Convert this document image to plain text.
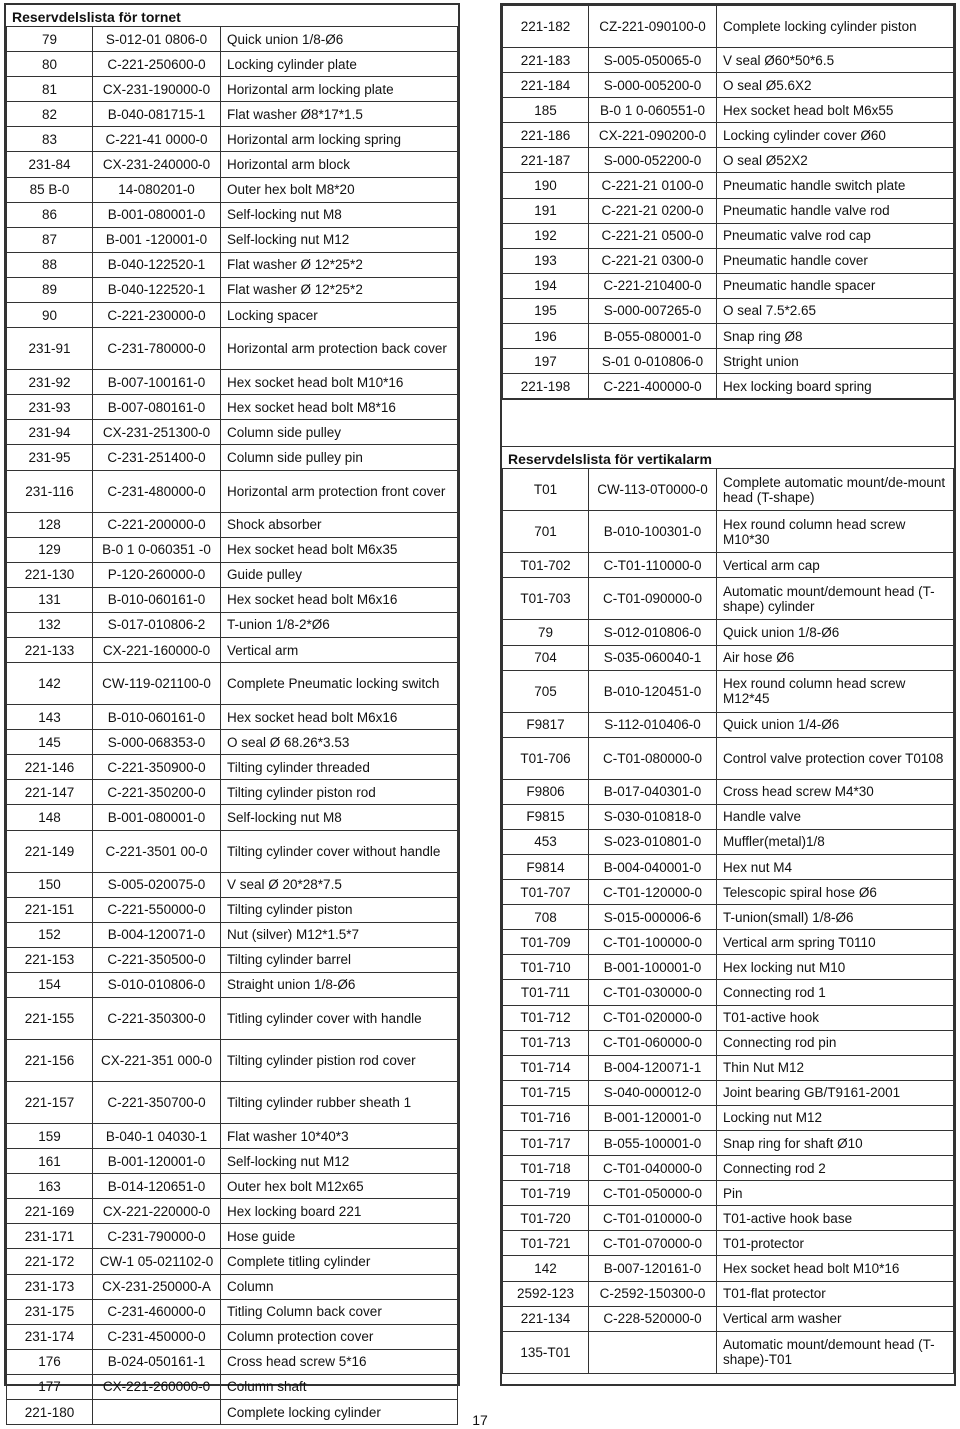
Reservdelslista för tornet
79	S-012-01 0806-0	Quick union 1/8-Ø6
80	C-221-250600-0	Locking cylinder plate
81	CX-231-190000-0	Horizontal arm locking plate
82	B-040-081715-1	Flat washer Ø8*17*1.5
83	C-221-41 0000-0	Horizontal arm locking spring
231-84	CX-231-240000-0	Horizontal arm block
85 B-0	14-080201-0	Outer hex bolt M8*20
86	B-001-080001-0	Self-locking nut M8
87	B-001 -120001-0	Self-locking nut M12
88	B-040-122520-1	Flat washer Ø 12*25*2
89	B-040-122520-1	Flat washer Ø 12*25*2
90	C-221-230000-0	Locking spacer
231-91	C-231-780000-0	Horizontal arm protection back cover
231-92	B-007-100161-0	Hex socket head bolt M10*16
231-93	B-007-080161-0	Hex socket head bolt M8*16
231-94	CX-231-251300-0	Column side pulley
231-95	C-231-251400-0	Column side pulley pin
231-116	C-231-480000-0	Horizontal arm protection front cover
128	C-221-200000-0	Shock absorber
129	B-0 1 0-060351 -0	Hex socket head bolt M6x35
221-130	P-120-260000-0	Guide pulley
131	B-010-060161-0	Hex socket head bolt M6x16
132	S-017-010806-2	T-union 1/8-2*Ø6
221-133	CX-221-160000-0	Vertical arm
142	CW-119-021100-0	Complete Pneumatic locking switch
143	B-010-060161-0	Hex socket head bolt M6x16
145	S-000-068353-0	O seal Ø 68.26*3.53
221-146	C-221-350900-0	Tilting cylinder threaded
221-147	C-221-350200-0	Tilting cylinder piston rod
148	B-001-080001-0	Self-locking nut M8
221-149	C-221-3501 00-0	Tilting cylinder cover without handle
150	S-005-020075-0	V seal Ø 20*28*7.5
221-151	C-221-550000-0	Tilting cylinder piston
152	B-004-120071-0	Nut (silver) M12*1.5*7
221-153	C-221-350500-0	Tilting cylinder barrel
154	S-010-010806-0	Straight union 1/8-Ø6
221-155	C-221-350300-0	Titling cylinder cover with handle
221-156	CX-221-351 000-0	Tilting cylinder pistion rod cover
221-157	C-221-350700-0	Tilting cylinder rubber sheath 1
159	B-040-1 04030-1	Flat washer 10*40*3
161	B-001-120001-0	Self-locking nut M12
163	B-014-120651-0	Outer hex bolt M12x65
221-169	CX-221-220000-0	Hex locking board 221
231-171	C-231-790000-0	Hose guide
221-172	CW-1 05-021102-0	Complete titling cylinder
231-173	CX-231-250000-A	Column
231-175	C-231-460000-0	Titling Column back cover
231-174	C-231-450000-0	Column protection cover
176	B-024-050161-1	Cross head screw 5*16
177	CX-221-260000-0	Column shaft
221-180		Complete locking cylinder
221-182	CZ-221-090100-0	Complete locking cylinder piston
221-183	S-005-050065-0	V seal Ø60*50*6.5
221-184	S-000-005200-0	O seal Ø5.6X2
185	B-0 1 0-060551-0	Hex socket head bolt M6x55
221-186	CX-221-090200-0	Locking cylinder cover Ø60
221-187	S-000-052200-0	O seal Ø52X2
190	C-221-21 0100-0	Pneumatic handle switch plate
191	C-221-21 0200-0	Pneumatic handle valve rod
192	C-221-21 0500-0	Pneumatic valve rod cap
193	C-221-21 0300-0	Pneumatic handle cover
194	C-221-210400-0	Pneumatic handle spacer
195	S-000-007265-0	O seal 7.5*2.65
196	B-055-080001-0	Snap ring Ø8
197	S-01 0-010806-0	Stright union
221-198	C-221-400000-0	Hex locking board spring
Reservdelslista för vertikalarm
T01	CW-113-0T0000-0	Complete automatic mount/de-mount head (T-shape)
701	B-010-100301-0	Hex round column head screw M10*30
T01-702	C-T01-110000-0	Vertical arm cap
T01-703	C-T01-090000-0	Automatic mount/demount head (T-shape) cylinder
79	S-012-010806-0	Quick union 1/8-Ø6
704	S-035-060040-1	Air hose Ø6
705	B-010-120451-0	Hex round column head screw M12*45
F9817	S-112-010406-0	Quick union 1/4-Ø6
T01-706	C-T01-080000-0	Control valve protection cover T0108
F9806	B-017-040301-0	Cross head screw M4*30
F9815	S-030-010818-0	Handle valve
453	S-023-010801-0	Muffler(metal)1/8
F9814	B-004-040001-0	Hex nut M4
T01-707	C-T01-120000-0	Telescopic spiral hose Ø6
708	S-015-000006-6	T-union(small) 1/8-Ø6
T01-709	C-T01-100000-0	Vertical arm spring T0110
T01-710	B-001-100001-0	Hex locking nut M10
T01-711	C-T01-030000-0	Connecting rod 1
T01-712	C-T01-020000-0	T01-active hook
T01-713	C-T01-060000-0	Connecting rod pin
T01-714	B-004-120071-1	Thin Nut M12
T01-715	S-040-000012-0	Joint bearing GB/T9161-2001
T01-716	B-001-120001-0	Locking nut M12
T01-717	B-055-100001-0	Snap ring for shaft Ø10
T01-718	C-T01-040000-0	Connecting rod 2
T01-719	C-T01-050000-0	Pin
T01-720	C-T01-010000-0	T01-active hook base
T01-721	C-T01-070000-0	T01-protector
142	B-007-120161-0	Hex socket head bolt M10*16
2592-123	C-2592-150300-0	T01-flat protector
221-134	C-228-520000-0	Vertical arm washer
135-T01		Automatic mount/demount head (T-shape)-T01
17
